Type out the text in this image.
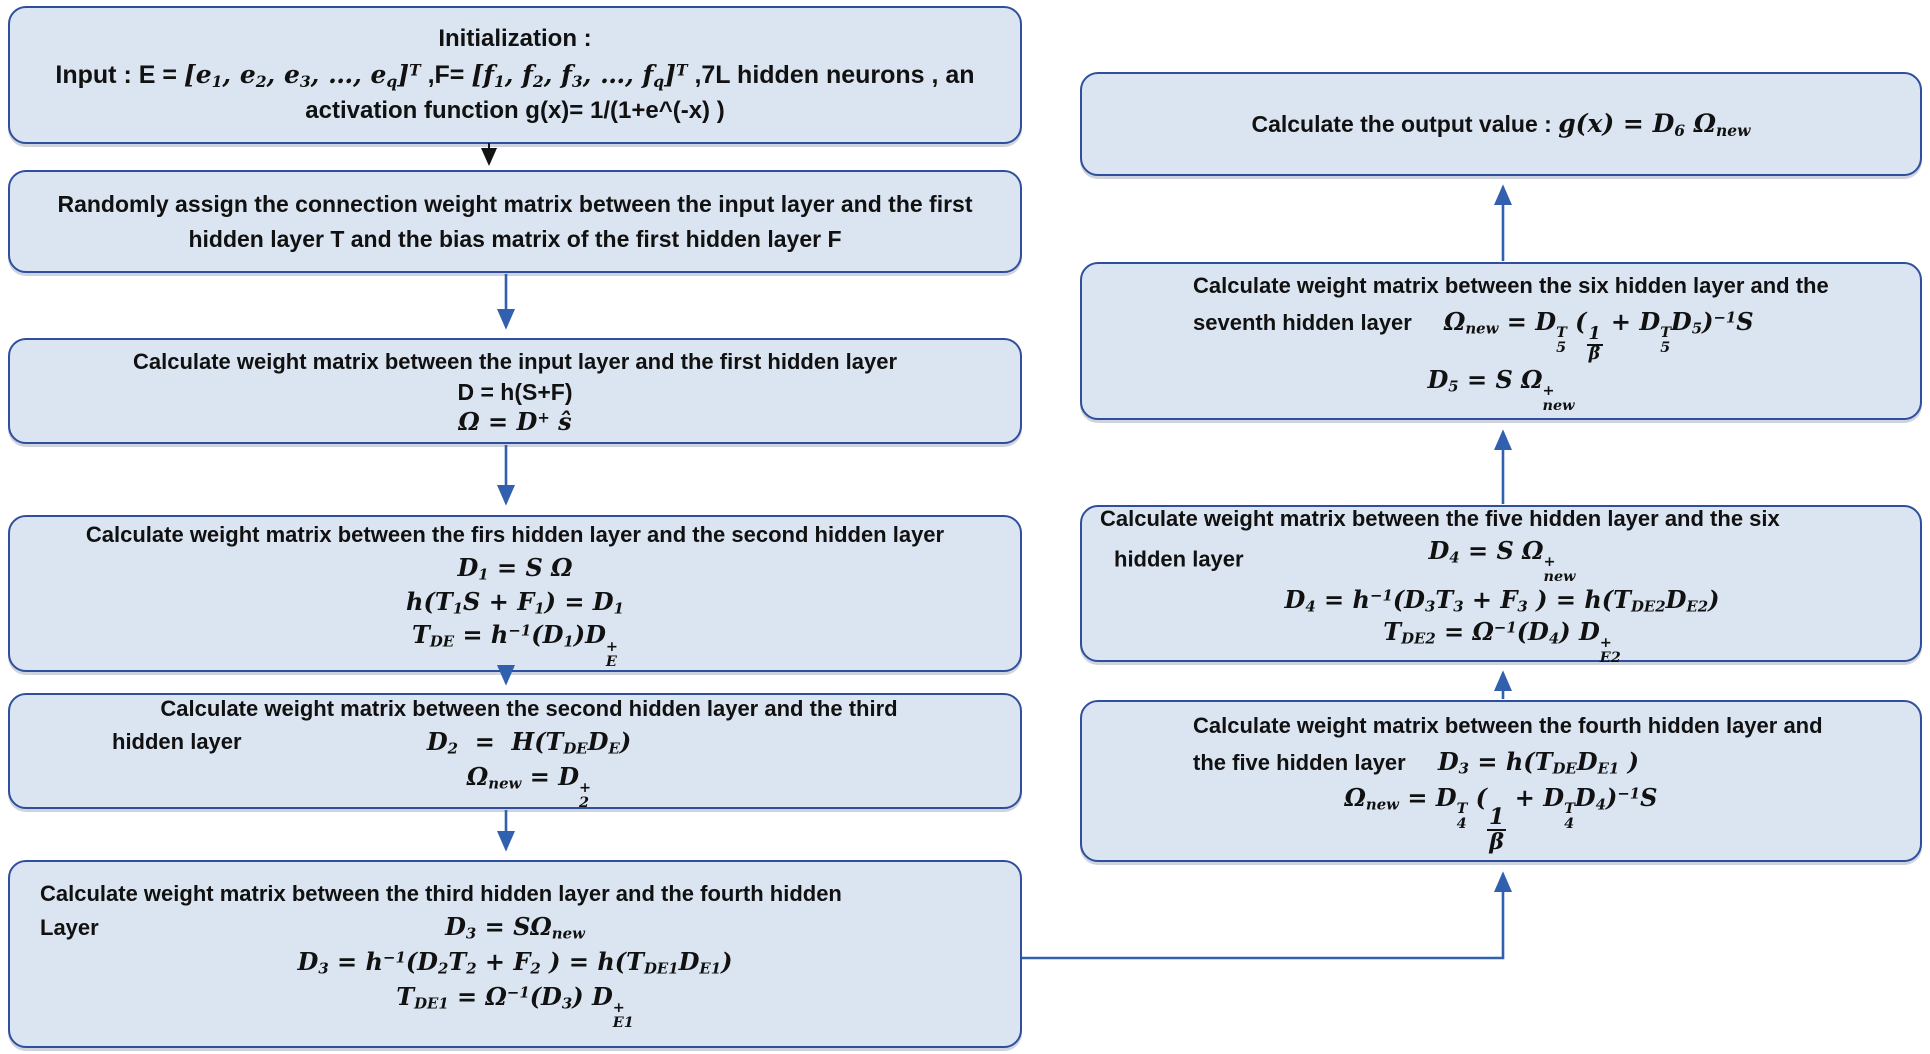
Initialization :
Input : $E = [e_1$, $e_2$, $e_3$, …, $e_q]^T$ $,F= [f_1$, $f_2$, $f_3$, …, $f_q]^T$ ,7L hidden neurons , an
activation function g(x)= 1/(1+e^(-x) )
Randomly assign the connection weight matrix between the input layer and the first
hidden layer T and the bias matrix of the first hidden layer F
Calculate weight matrix between the input layer and the first hidden layer
D = h(S+F)
Ω = D+ ŝ
Calculate weight matrix between the firs hidden layer and the second hidden layer
$D_1 = S$ Ω
$h(T_1S + F_1) = D_1$
$T_{DE} = h^{-1}(D_1)D$ +
E
Calculate weight matrix between the second hidden layer and the third
hidden layer	$D_2 = H(T_{DE}D_E)$
$\Omega_{new} = D$ +
2
Calculate weight matrix between the third hidden layer and the fourth hidden
Layer	$D_3 = S\Omega_{new}$
$D_3 = h^{-1}(D_2T_2 + F_2$ ) = $h(T_{DE1}D_{E1})$
$T_{DE1} = \Omega^{-1}(D_3) D$ +
E1
Calculate the output value : $g(x) = D_6$ $\Omega_{new}$
Calculate weight matrix between the six hidden layer and the
seventh hidden layer $\Omega_{new} = D$ T
5
(
$\frac{1}{\beta}$
+ D T
5
$D_5)^{-1}S$
$D_5 = S$ Ω +
new
Calculate weight matrix between the five hidden layer and the six
hidden layer	$D_4 = S$ Ω +
new
$D_4 = h^{-1}(D_3T_3 + F_3$ ) = $h(T_{DE2}D_{E2})$
$T_{DE2} = \Omega^{-1}(D_4) D$ +
E2
Calculate weight matrix between the fourth hidden layer and
the five hidden layer $D_3 = h(T_{DE}D_{E1}$ )
$\Omega_{new} = D$ T
4
(
$\frac{1}{\beta}$
+ D T
4
$D_4)^{-1}S$
